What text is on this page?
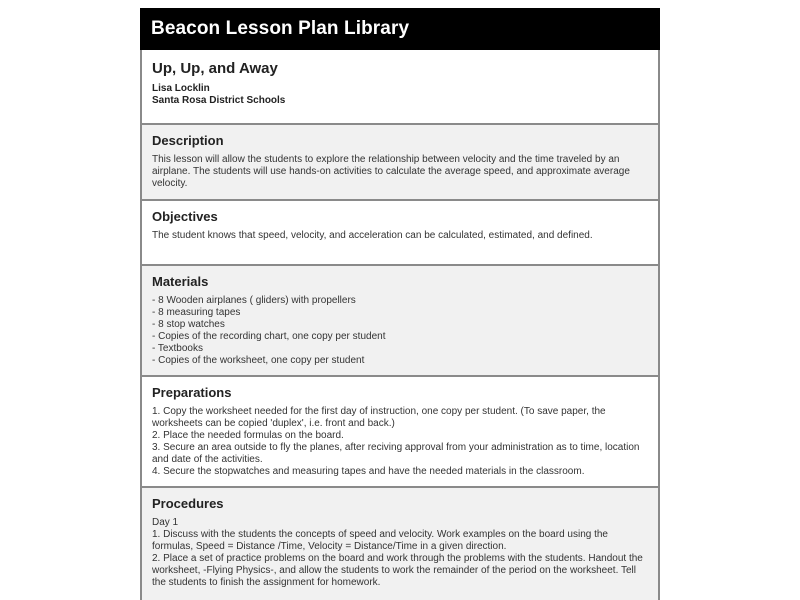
Beacon Lesson Plan Library
Up, Up, and Away
Lisa Locklin
Santa Rosa District Schools
Description
This lesson will allow the students to explore the relationship between velocity and the time traveled by an airplane. The students will use hands-on activities to calculate the average speed, and approximate average velocity.
Objectives
The student knows that speed, velocity, and acceleration can be calculated, estimated, and defined.
Materials
- 8 Wooden airplanes ( gliders) with propellers
- 8 measuring tapes
- 8 stop watches
- Copies of the recording chart, one copy per student
- Textbooks
- Copies of the worksheet, one copy per student
Preparations
1. Copy the worksheet needed for the first day of instruction, one copy per student. (To save paper, the worksheets can be copied 'duplex', i.e. front and back.)
2. Place the needed formulas on the board.
3. Secure an area outside to fly the planes, after reciving approval from your administration as to time, location and date of the activities.
4. Secure the stopwatches and measuring tapes and have the needed materials in the classroom.
Procedures
Day 1
1. Discuss with the students the concepts of speed and velocity. Work examples on the board using the formulas, Speed = Distance /Time, Velocity = Distance/Time in a given direction.
2. Place a set of practice problems on the board and work through the problems with the students. Handout the worksheet, -Flying Physics-, and allow the students to work the remainder of the period on the worksheet. Tell the students to finish the assignment for homework.
